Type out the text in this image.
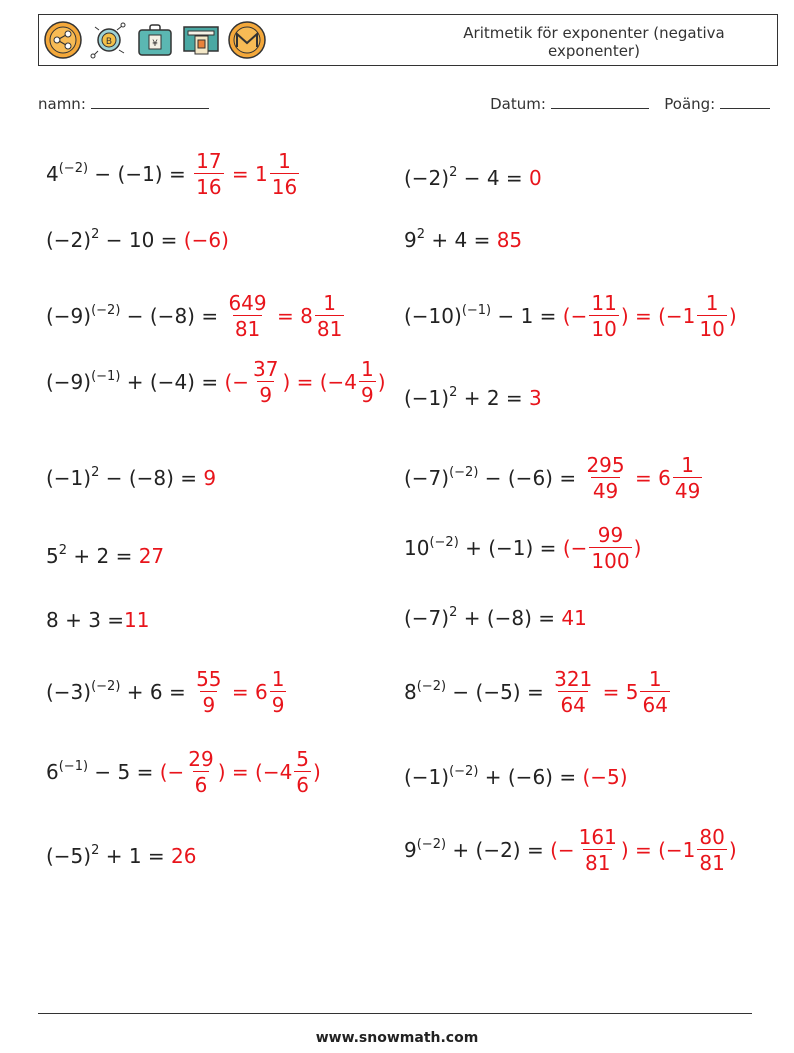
B	¥
Aritmetik för exponenter (negativa exponenter)
namn:	Datum:	Poäng:
$4^{(-2)} - (-1) = \frac{17}{16} = 1 \frac{1}{16}$	$(-2)^2 - 4 = 0$
$(-2)^2 - 10 = (-6)$	$9^2 + 4 = 85$
$(-9)^{(-2)} - (-8) = \frac{649}{81} = 8 \frac{1}{81}$	$(-10)^{(-1)} - 1$ = (− $\frac{11}{10}$ ) = ($-1 \frac{1}{10}$ )
$(-9)^{(-1)} + (-4)$ = (− $\frac{37}{9}$ ) = ($-4 \frac{1}{9}$ )
$(-1)^2 + 2 = 3$
$(-1)^2 - (-8) = 9$	$(-7)^{(-2)} - (-6) = \frac{295}{49} = 6 \frac{1}{49}$
$5^2 + 2 = 27$	$10^{(-2)} + (-1)$ = (− $\frac{99}{100}$ )
8 + 3 = 11	$(-7)^2 + (-8) = 41$
$(-3)^{(-2)} + 6 = \frac{55}{9} = 6 \frac{1}{9}$	$8^{(-2)} - (-5) = \frac{321}{64} = 5 \frac{1}{64}$
$6^{(-1)} - 5$ = (− $\frac{29}{6}$ ) = ($-4 \frac{5}{6}$ )	$(-1)^{(-2)} + (-6) = (-5)$
$(-5)^2 + 1 = 26$	$9^{(-2)} + (-2)$ = (− $\frac{161}{81}$ ) = ($-1 \frac{80}{81}$ )
www.snowmath.com
